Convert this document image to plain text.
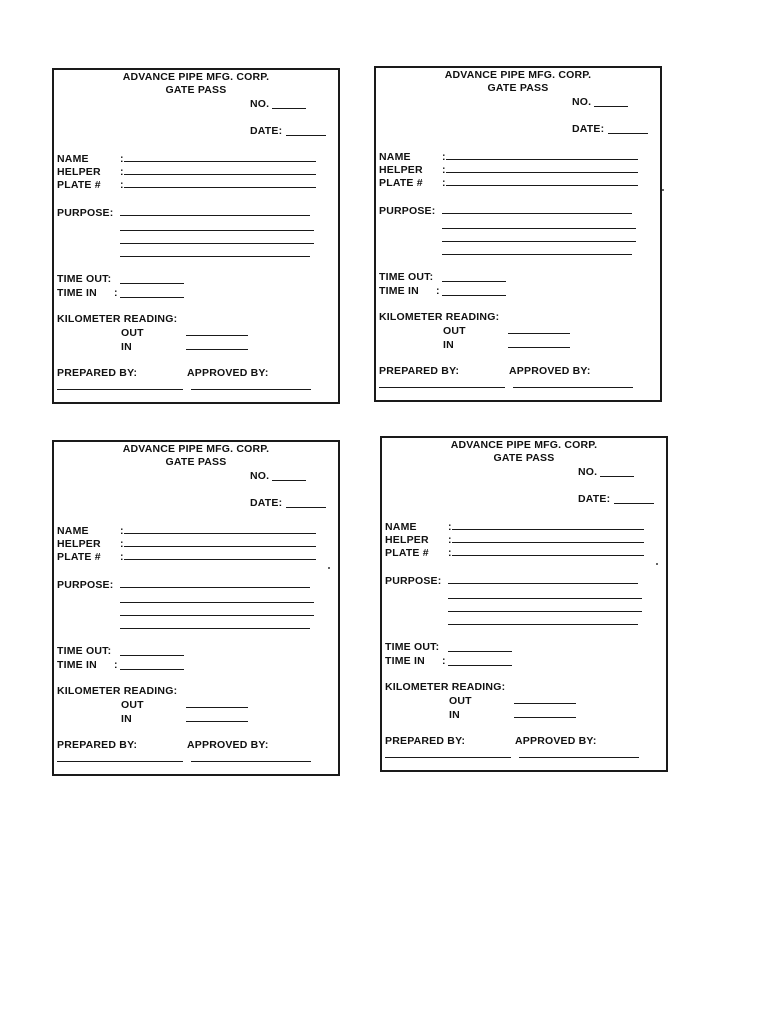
ADVANCE PIPE MFG. CORP.
GATE PASS
NO.
DATE:
NAME	:
HELPER :
PLATE # :
PURPOSE:
TIME OUT:
TIME IN :
KILOMETER READING:
OUT
IN
PREPARED BY:	APPROVED BY:
ADVANCE PIPE MFG. CORP.
GATE PASS
NO.
DATE:
NAME	:
HELPER :
PLATE # :
PURPOSE:
TIME OUT:
TIME IN :
KILOMETER READING:
OUT
IN
PREPARED BY:	APPROVED BY:
ADVANCE PIPE MFG. CORP.
GATE PASS
NO.
DATE:
NAME	:
HELPER :
PLATE # :
PURPOSE:
TIME OUT:
TIME IN :
KILOMETER READING:
OUT
IN
PREPARED BY:	APPROVED BY:
ADVANCE PIPE MFG. CORP.
GATE PASS
NO.
DATE:
NAME	:
HELPER :
PLATE # :
PURPOSE:
TIME OUT:
TIME IN :
KILOMETER READING:
OUT
IN
PREPARED BY:	APPROVED BY:
